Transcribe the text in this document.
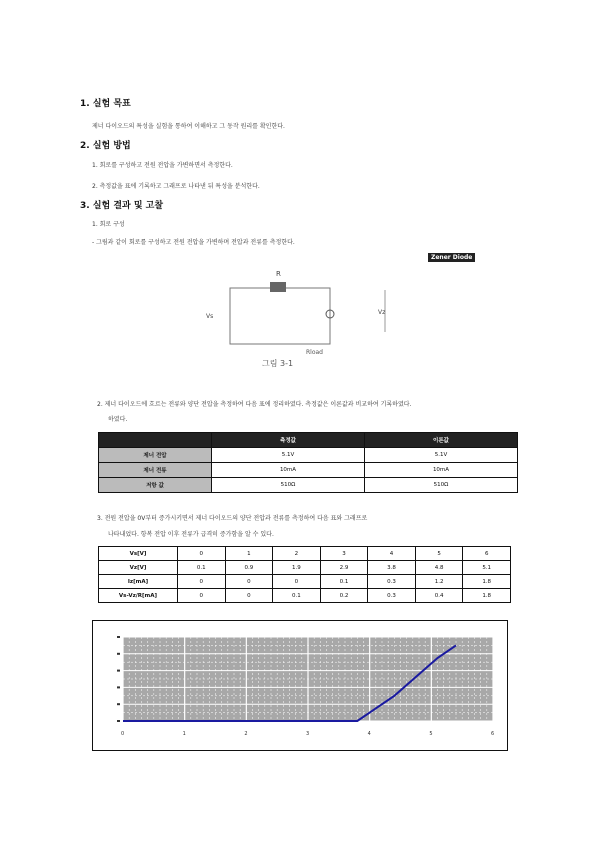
1. 실험 목표
제너 다이오드의 특성을 실험을 통하여 이해하고 그 동작 원리를 확인한다.
2. 실험 방법
1. 회로를 구성하고 전원 전압을 가변하면서 측정한다.
2. 측정값을 표에 기록하고 그래프로 나타낸 뒤 특성을 분석한다.
3. 실험 결과 및 고찰
1. 회로 구성
- 그림과 같이 회로를 구성하고 전원 전압을 가변하며 전압과 전류를 측정한다.
Zener Diode
R
Vs
Vz
그림 3-1
Rload
2. 제너 다이오드에 흐르는 전류와 양단 전압을 측정하여 다음 표에 정리하였다. 측정값은 이론값과 비교하여 기록하였다.
하였다.
	측정값	이론값
제너 전압	5.1V	5.1V
제너 전류	10mA	10mA
저항 값	510Ω	510Ω
3. 전원 전압을 0V부터 증가시키면서 제너 다이오드의 양단 전압과 전류를 측정하여 다음 표와 그래프로
나타내었다. 항복 전압 이후 전류가 급격히 증가함을 알 수 있다.
Vs[V]	0	1	2	3	4	5	6
Vz[V]	0.1	0.9	1.9	2.9	3.8	4.8	5.1
Iz[mA]	0	0	0	0.1	0.3	1.2	1.8
Vs-Vz/R[mA]	0	0	0.1	0.2	0.3	0.4	1.8
0	1	2	3	4	5	6
